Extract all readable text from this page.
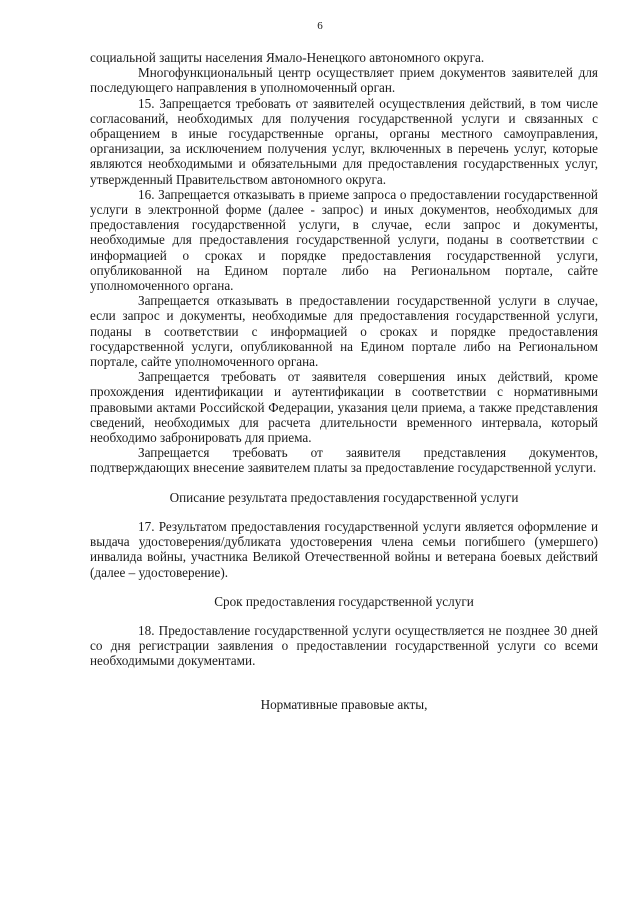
6

социальной защиты населения Ямало-Ненецкого автономного округа.

Многофункциональный центр осуществляет прием документов заявителей для последующего направления в уполномоченный орган.

15. Запрещается требовать от заявителей осуществления действий, в том числе согласований, необходимых для получения государственной услуги и связанных с обращением в иные государственные органы, органы местного самоуправления, организации, за исключением получения услуг, включенных в перечень услуг, которые являются необходимыми и обязательными для предоставления государственных услуг, утвержденный Правительством автономного округа.

16. Запрещается отказывать в приеме запроса о предоставлении государственной услуги в электронной форме (далее - запрос) и иных документов, необходимых для предоставления государственной услуги, в случае, если запрос и документы, необходимые для предоставления государственной услуги, поданы в соответствии с информацией о сроках и порядке предоставления государственной услуги, опубликованной на Едином портале либо на Региональном портале, сайте уполномоченного органа.

Запрещается отказывать в предоставлении государственной услуги в случае, если запрос и документы, необходимые для предоставления государственной услуги, поданы в соответствии с информацией о сроках и порядке предоставления государственной услуги, опубликованной на Едином портале либо на Региональном портале, сайте уполномоченного органа.

Запрещается требовать от заявителя совершения иных действий, кроме прохождения идентификации и аутентификации в соответствии с нормативными правовыми актами Российской Федерации, указания цели приема, а также представления сведений, необходимых для расчета длительности временного интервала, который необходимо забронировать для приема.

Запрещается требовать от заявителя представления документов, подтверждающих внесение заявителем платы за предоставление государственной услуги.

Описание результата предоставления государственной услуги

17. Результатом предоставления государственной услуги является оформление и выдача удостоверения/дубликата удостоверения члена семьи погибшего (умершего) инвалида войны, участника Великой Отечественной войны и ветерана боевых действий (далее – удостоверение).

Срок предоставления государственной услуги

18. Предоставление государственной услуги осуществляется не позднее 30 дней со дня регистрации заявления о предоставлении государственной услуги со всеми необходимыми документами.

Нормативные правовые акты,
